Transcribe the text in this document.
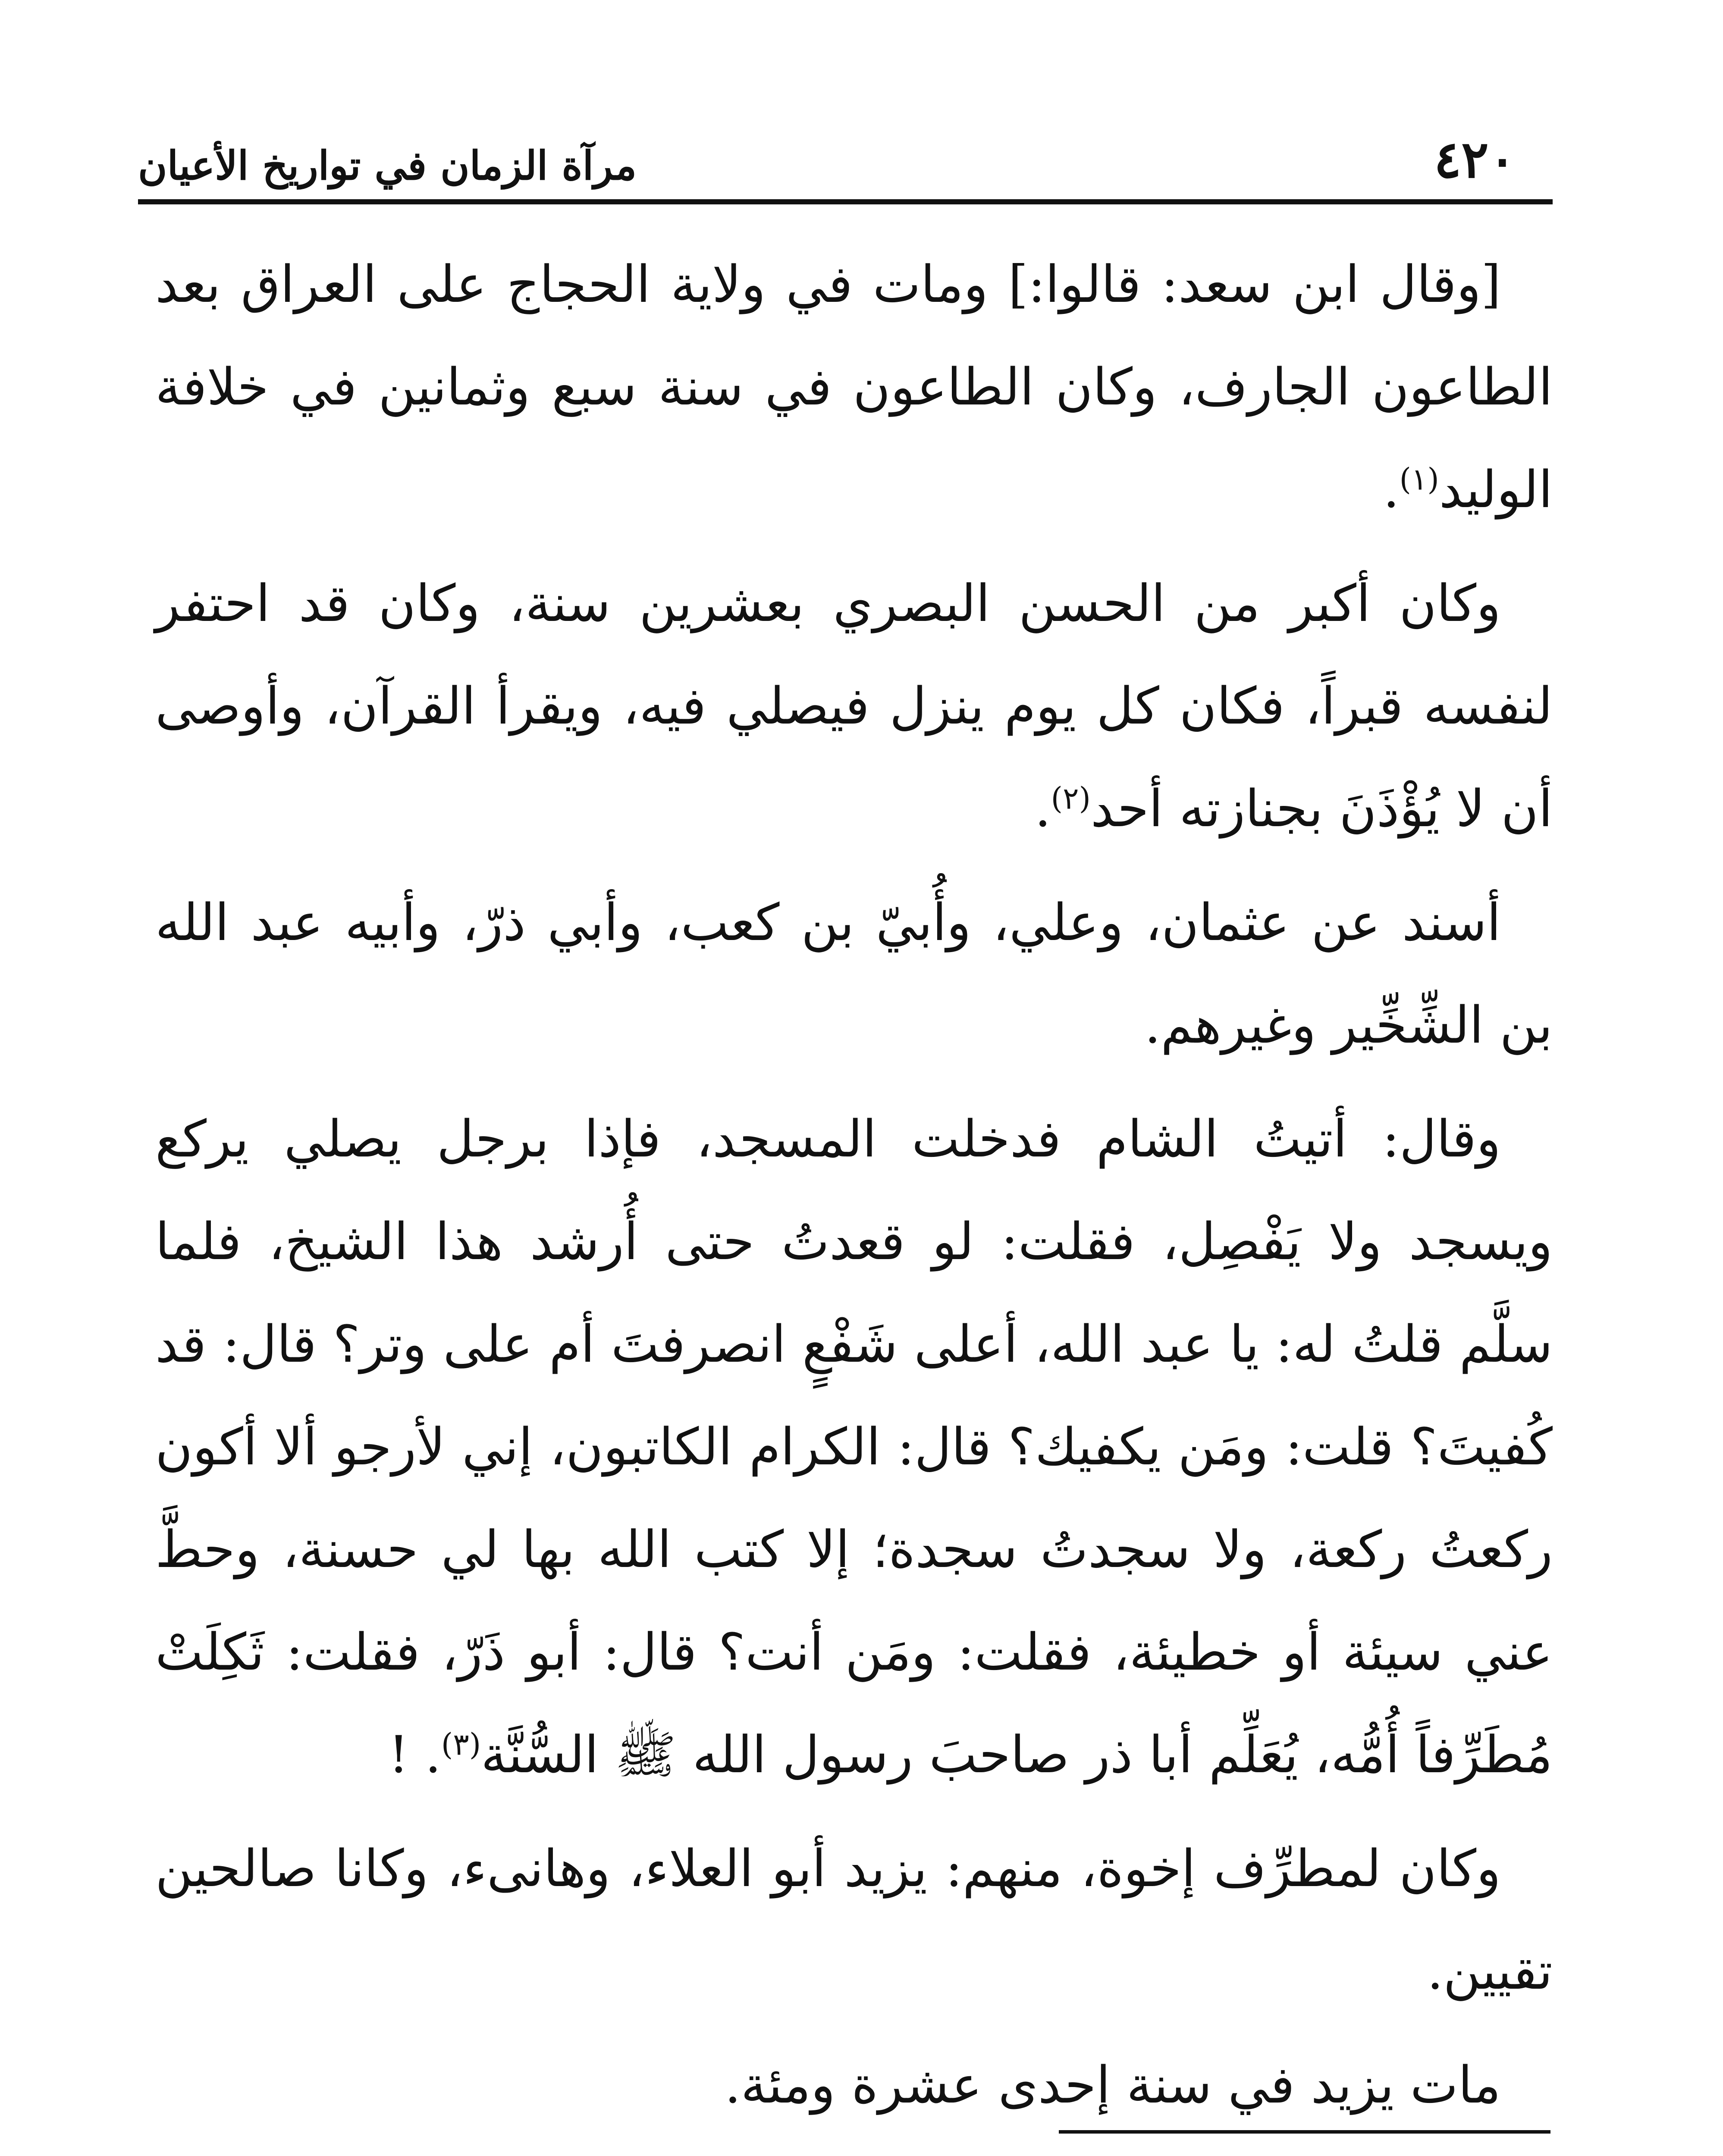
٤٢٠
مرآة الزمان في تواريخ الأعيان

[وقال ابن سعد: قالوا:] ومات في ولاية الحجاج على العراق بعد الطاعون الجارف، وكان الطاعون في سنة سبع وثمانين في خلافة الوليد$^{(١)}$.

وكان أكبر من الحسن البصري بعشرين سنة، وكان قد احتفر لنفسه قبراً، فكان كل يوم ينزل فيصلي فيه، ويقرأ القرآن، وأوصى أن لا يُؤْذَنَ بجنازته أحد$^{(٢)}$.

أسند عن عثمان، وعلي، وأُبيّ بن كعب، وأبي ذرّ، وأبيه عبد الله بن الشِّخِّير وغيرهم.

وقال: أتيتُ الشام فدخلت المسجد، فإذا برجل يصلي يركع ويسجد ولا يَفْصِل، فقلت: لو قعدتُ حتى أُرشد هذا الشيخ، فلما سلَّم قلتُ له: يا عبد الله، أعلى شَفْعٍ انصرفتَ أم على وتر؟ قال: قد كُفيتَ؟ قلت: ومَن يكفيك؟ قال: الكرام الكاتبون، إني لأرجو ألا أكون ركعتُ ركعة، ولا سجدتُ سجدة؛ إلا كتب الله بها لي حسنة، وحطَّ عني سيئة أو خطيئة، فقلت: ومَن أنت؟ قال: أبو ذَرّ، فقلت: ثَكِلَتْ مُطَرِّفاً أُمُّه، يُعَلِّم أبا ذر صاحبَ رسول الله ﷺ السُّنَّة$^{(٣)}$. !

وكان لمطرِّف إخوة، منهم: يزيد أبو العلاء، وهانىء، وكانا صالحين تقيين.

مات يزيد في سنة إحدى عشرة ومئة.
